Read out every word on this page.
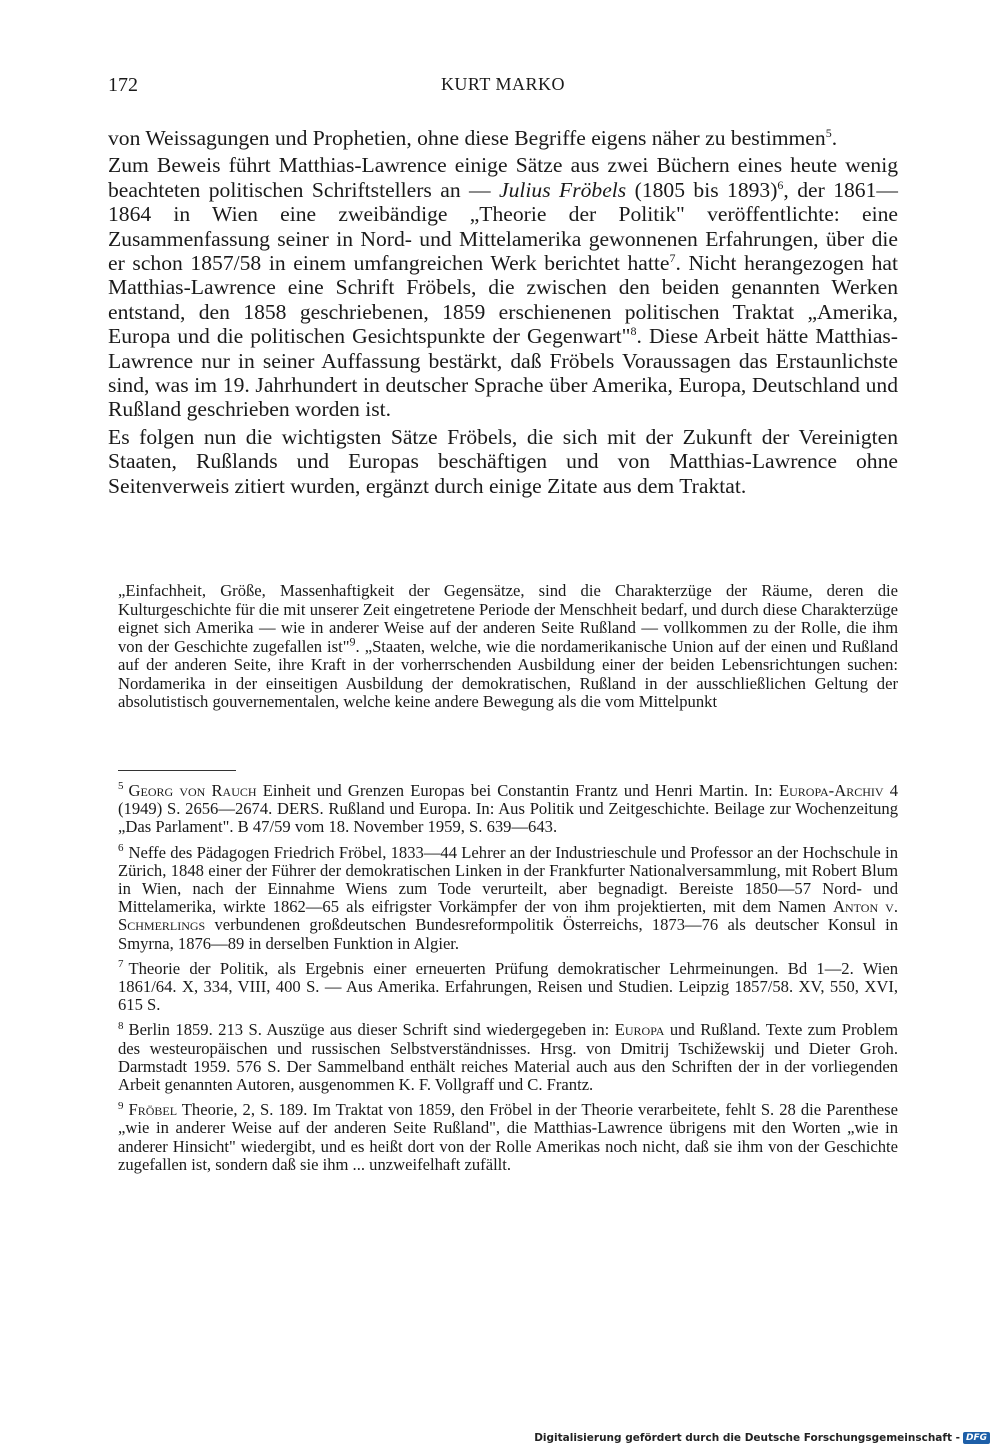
172	KURT MARKO

von Weissagungen und Prophetien, ohne diese Begriffe eigens näher zu bestimmen$^5$.

Zum Beweis führt Matthias-Lawrence einige Sätze aus zwei Büchern eines heute wenig beachteten politischen Schriftstellers an — Julius Fröbels (1805 bis 1893)$^6$, der 1861—1864 in Wien eine zweibändige „Theorie der Politik" veröffentlichte: eine Zusammenfassung seiner in Nord- und Mittelamerika gewonnenen Erfahrungen, über die er schon 1857/58 in einem umfangreichen Werk berichtet hatte$^7$. Nicht herangezogen hat Matthias-Lawrence eine Schrift Fröbels, die zwischen den beiden genannten Werken entstand, den 1858 geschriebenen, 1859 erschienenen politischen Traktat „Amerika, Europa und die politischen Gesichtspunkte der Gegenwart"$^8$. Diese Arbeit hätte Matthias-Lawrence nur in seiner Auffassung bestärkt, daß Fröbels Voraussagen das Erstaunlichste sind, was im 19. Jahrhundert in deutscher Sprache über Amerika, Europa, Deutschland und Rußland geschrieben worden ist.

Es folgen nun die wichtigsten Sätze Fröbels, die sich mit der Zukunft der Vereinigten Staaten, Rußlands und Europas beschäftigen und von Matthias-Lawrence ohne Seitenverweis zitiert wurden, ergänzt durch einige Zitate aus dem Traktat.

„Einfachheit, Größe, Massenhaftigkeit der Gegensätze, sind die Charakterzüge der Räume, deren die Kulturgeschichte für die mit unserer Zeit eingetretene Periode der Menschheit bedarf, und durch diese Charakterzüge eignet sich Amerika — wie in anderer Weise auf der anderen Seite Rußland — vollkommen zu der Rolle, die ihm von der Geschichte zugefallen ist"$^9$. „Staaten, welche, wie die nordamerikanische Union auf der einen und Rußland auf der anderen Seite, ihre Kraft in der vorherrschenden Ausbildung einer der beiden Lebensrichtungen suchen: Nordamerika in der einseitigen Ausbildung der demokratischen, Rußland in der ausschließlichen Geltung der absolutistisch gouvernementalen, welche keine andere Bewegung als die vom Mittelpunkt

$^5$ Georg von Rauch Einheit und Grenzen Europas bei Constantin Frantz und Henri Martin. In: Europa-Archiv 4 (1949) S. 2656—2674. DERS. Rußland und Europa. In: Aus Politik und Zeitgeschichte. Beilage zur Wochenzeitung „Das Parlament". B 47/59 vom 18. November 1959, S. 639—643.

$^6$ Neffe des Pädagogen Friedrich Fröbel, 1833—44 Lehrer an der Industrieschule und Professor an der Hochschule in Zürich, 1848 einer der Führer der demokratischen Linken in der Frankfurter Nationalversammlung, mit Robert Blum in Wien, nach der Einnahme Wiens zum Tode verurteilt, aber begnadigt. Bereiste 1850—57 Nord- und Mittelamerika, wirkte 1862—65 als eifrigster Vorkämpfer der von ihm projektierten, mit dem Namen Anton v. Schmerlings verbundenen großdeutschen Bundesreformpolitik Österreichs, 1873—76 als deutscher Konsul in Smyrna, 1876—89 in derselben Funktion in Algier.

$^7$ Theorie der Politik, als Ergebnis einer erneuerten Prüfung demokratischer Lehrmeinungen. Bd 1—2. Wien 1861/64. X, 334, VIII, 400 S. — Aus Amerika. Erfahrungen, Reisen und Studien. Leipzig 1857/58. XV, 550, XVI, 615 S.

$^8$ Berlin 1859. 213 S. Auszüge aus dieser Schrift sind wiedergegeben in: Europa und Rußland. Texte zum Problem des westeuropäischen und russischen Selbstverständnisses. Hrsg. von Dmitrij Tschižewskij und Dieter Groh. Darmstadt 1959. 576 S. Der Sammelband enthält reiches Material auch aus den Schriften der in der vorliegenden Arbeit genannten Autoren, ausgenommen K. F. Vollgraff und C. Frantz.

$^9$ Fröbel Theorie, 2, S. 189. Im Traktat von 1859, den Fröbel in der Theorie verarbeitete, fehlt S. 28 die Parenthese „wie in anderer Weise auf der anderen Seite Rußland", die Matthias-Lawrence übrigens mit den Worten „wie in anderer Hinsicht" wiedergibt, und es heißt dort von der Rolle Amerikas noch nicht, daß sie ihm von der Geschichte zugefallen ist, sondern daß sie ihm ... unzweifelhaft zufällt.

Digitalisierung gefördert durch die Deutsche Forschungsgemeinschaft - DFG
